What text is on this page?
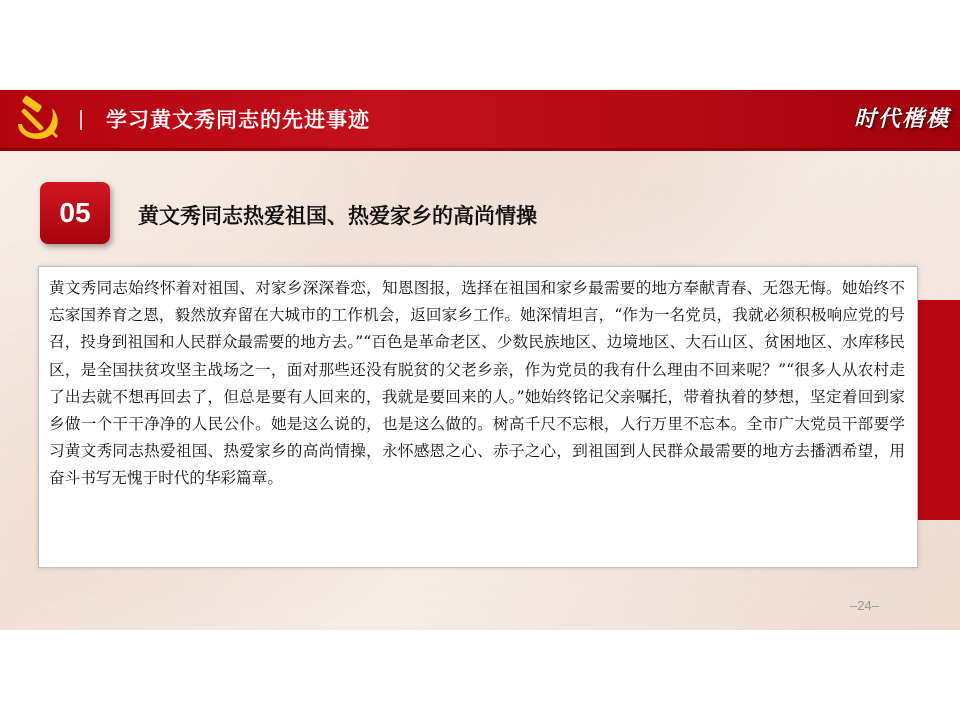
学习黄文秀同志的先进事迹	时代楷模
05	黄文秀同志热爱祖国、热爱家乡的高尚情操

黄文秀同志始终怀着对祖国、对家乡深深眷恋，知恩图报，选择在祖国和家乡最需要的地方奉献青春、无怨无悔。她始终不忘家国养育之恩，毅然放弃留在大城市的工作机会，返回家乡工作。她深情坦言，“作为一名党员，我就必须积极响应党的号召，投身到祖国和人民群众最需要的地方去。”“百色是革命老区、少数民族地区、边境地区、大石山区、贫困地区、水库移民区，是全国扶贫攻坚主战场之一，面对那些还没有脱贫的父老乡亲，作为党员的我有什么理由不回来呢？”“很多人从农村走了出去就不想再回去了，但总是要有人回来的，我就是要回来的人。”她始终铭记父亲嘱托，带着执着的梦想，坚定着回到家乡做一个干干净净的人民公仆。她是这么说的，也是这么做的。树高千尺不忘根，人行万里不忘本。全市广大党员干部要学习黄文秀同志热爱祖国、热爱家乡的高尚情操，永怀感恩之心、赤子之心，到祖国到人民群众最需要的地方去播洒希望，用奋斗书写无愧于时代的华彩篇章。

–24–
